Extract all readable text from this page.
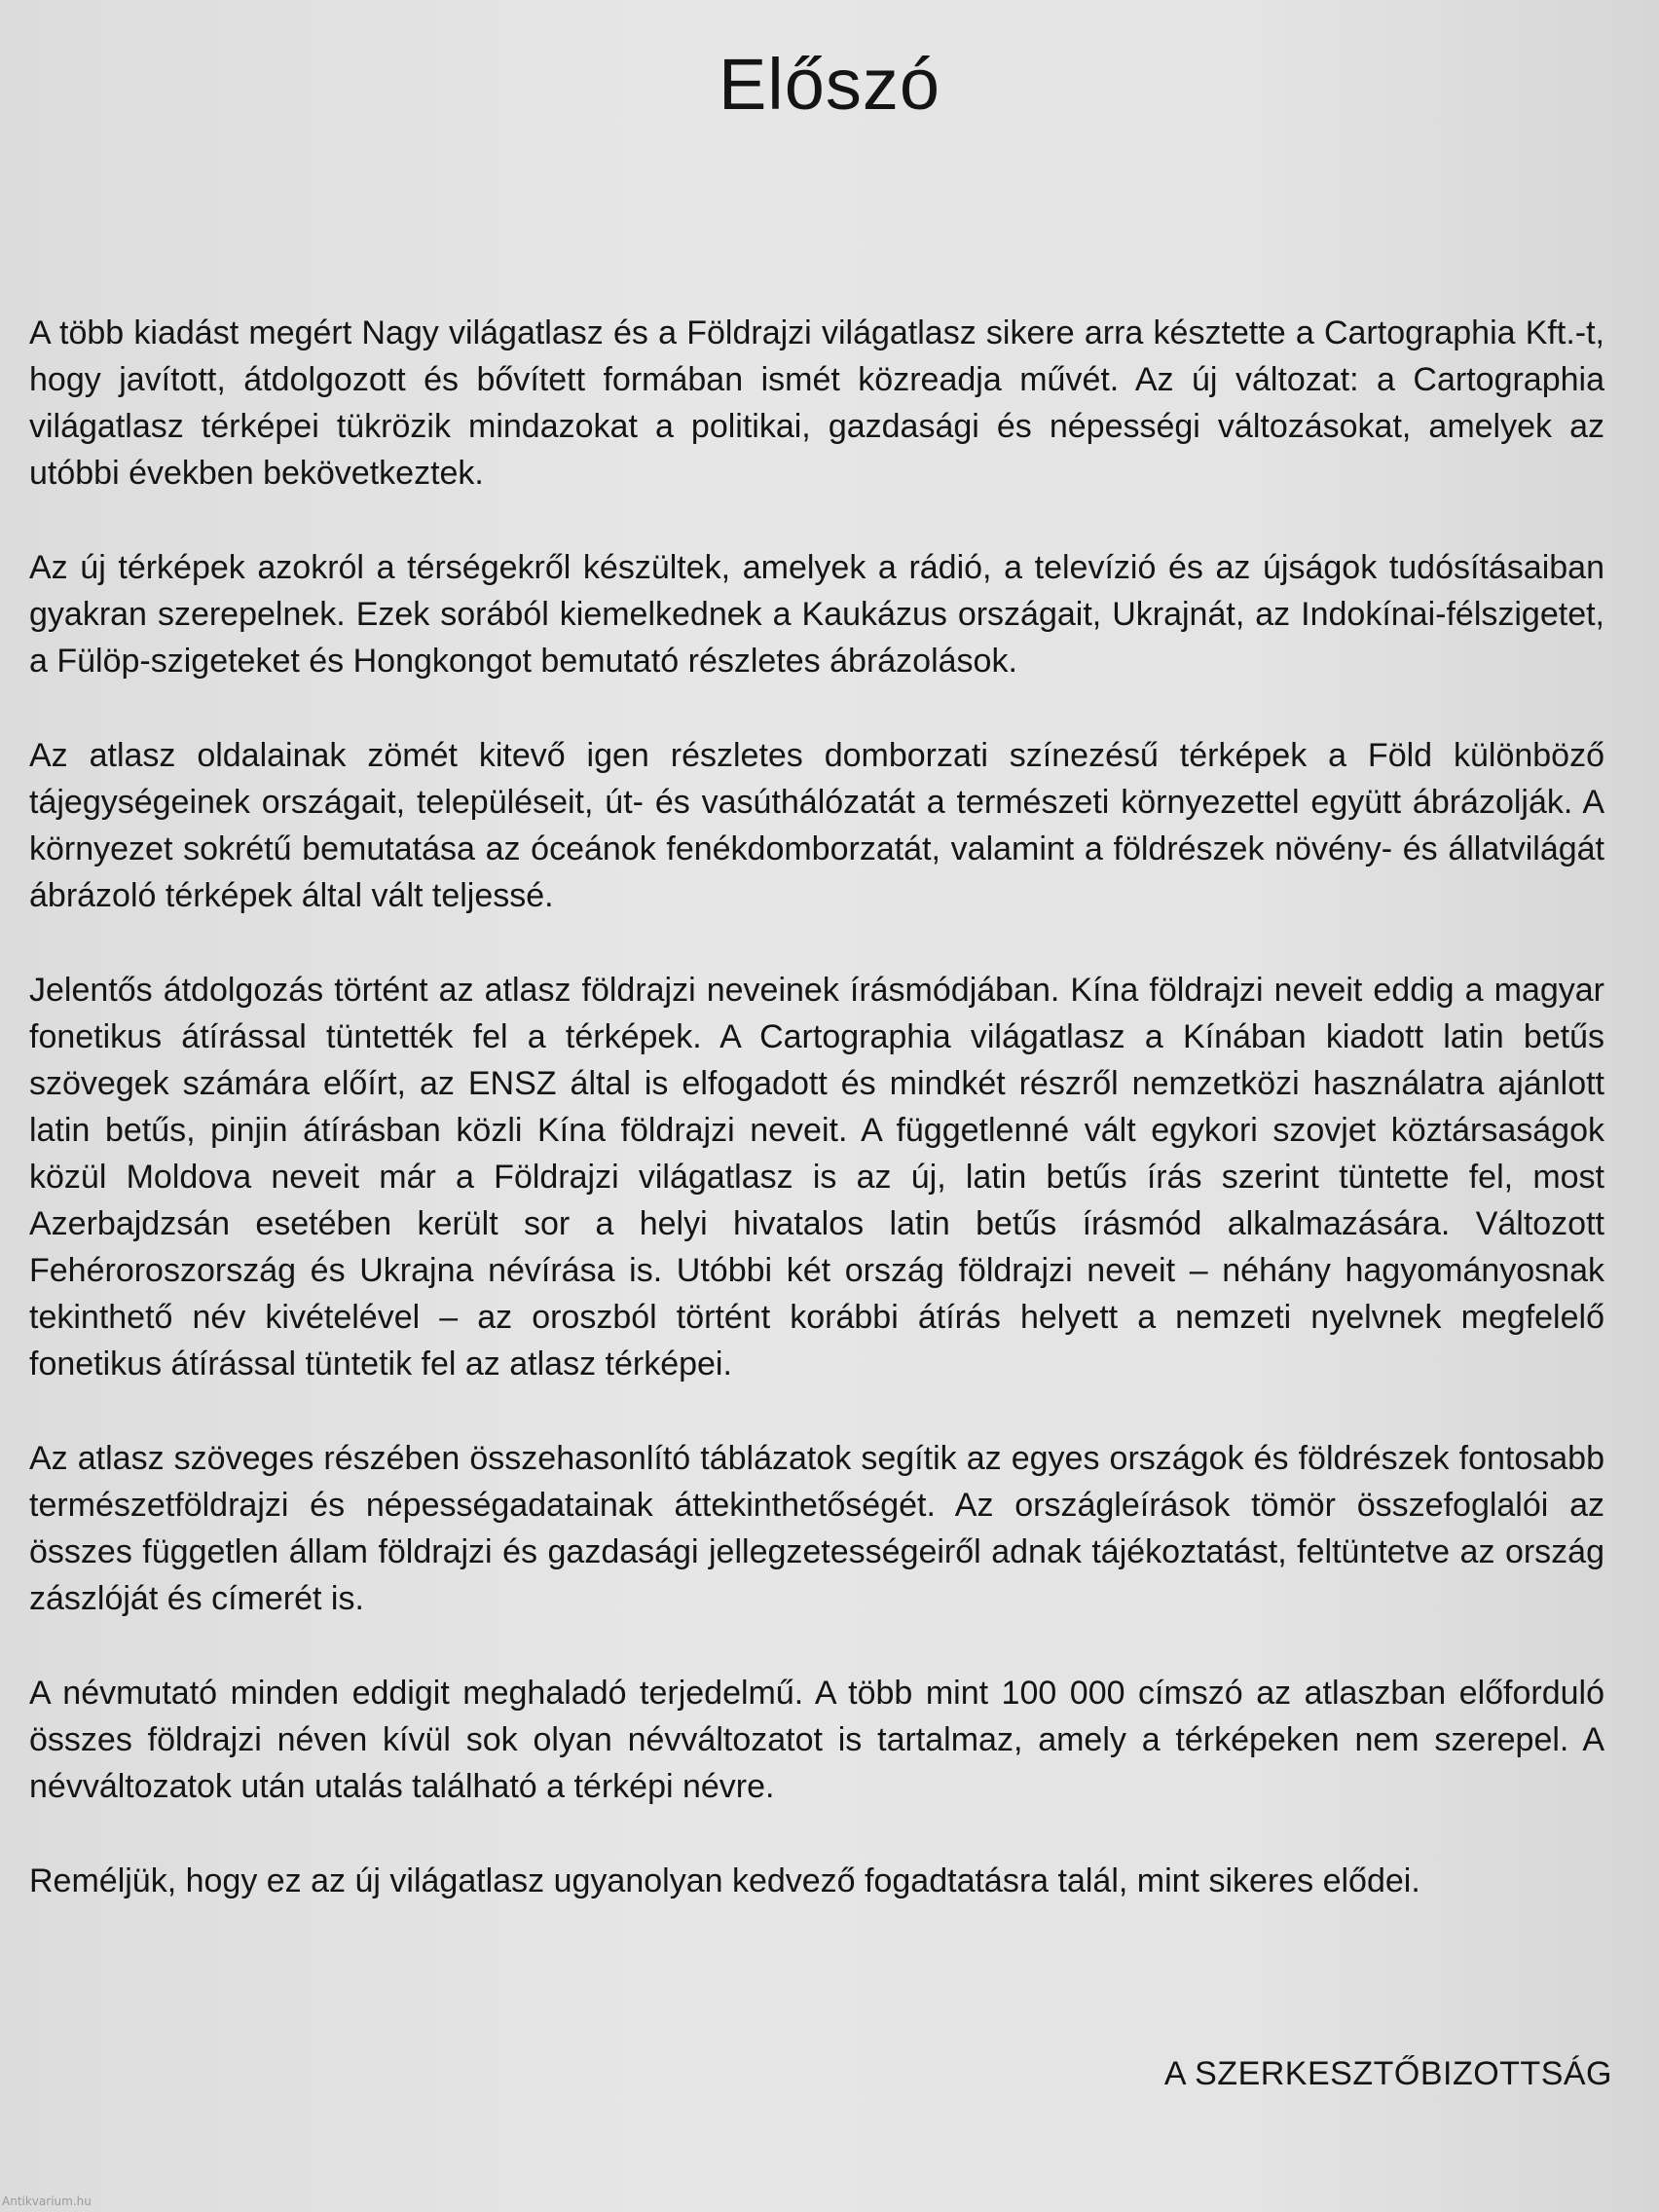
Előszó

A több kiadást megért Nagy világatlasz és a Földrajzi világatlasz sikere arra késztette a Cartographia Kft.-t, hogy javított, átdolgozott és bővített formában ismét közreadja művét. Az új változat: a Cartographia világatlasz térképei tükrözik mindazokat a politikai, gazdasági és népességi változásokat, amelyek az utóbbi években bekövetkeztek.

Az új térképek azokról a térségekről készültek, amelyek a rádió, a televízió és az újságok tudósításaiban gyakran szerepelnek. Ezek sorából kiemelkednek a Kaukázus országait, Ukrajnát, az Indokínai-félszigetet, a Fülöp-szigeteket és Hongkongot bemutató részletes ábrázolások.

Az atlasz oldalainak zömét kitevő igen részletes domborzati színezésű térképek a Föld különböző tájegységeinek országait, településeit, út- és vasúthálózatát a természeti környezettel együtt ábrázolják. A környezet sokrétű bemutatása az óceánok fenékdomborzatát, valamint a földrészek növény- és állatvilágát ábrázoló térképek által vált teljessé.

Jelentős átdolgozás történt az atlasz földrajzi neveinek írásmódjában. Kína földrajzi neveit eddig a magyar fonetikus átírással tüntették fel a térképek. A Cartographia világatlasz a Kínában kiadott latin betűs szövegek számára előírt, az ENSZ által is elfogadott és mindkét részről nemzetközi használatra ajánlott latin betűs, pinjin átírásban közli Kína földrajzi neveit. A függetlenné vált egykori szovjet köztársaságok közül Moldova neveit már a Földrajzi világatlasz is az új, latin betűs írás szerint tüntette fel, most Azerbajdzsán esetében került sor a helyi hivatalos latin betűs írásmód alkalmazására. Változott Fehéroroszország és Ukrajna névírása is. Utóbbi két ország földrajzi neveit – néhány hagyományosnak tekinthető név kivételével – az oroszból történt korábbi átírás helyett a nemzeti nyelvnek megfelelő fonetikus átírással tüntetik fel az atlasz térképei.

Az atlasz szöveges részében összehasonlító táblázatok segítik az egyes országok és földrészek fontosabb természetföldrajzi és népességadatainak áttekinthetőségét. Az országleírások tömör összefoglalói az összes független állam földrajzi és gazdasági jellegzetességeiről adnak tájékoztatást, feltüntetve az ország zászlóját és címerét is.

A névmutató minden eddigit meghaladó terjedelmű. A több mint 100 000 címszó az atlaszban előforduló összes földrajzi néven kívül sok olyan névváltozatot is tartalmaz, amely a térképeken nem szerepel. A névváltozatok után utalás található a térképi névre.

Reméljük, hogy ez az új világatlasz ugyanolyan kedvező fogadtatásra talál, mint sikeres elődei.

A SZERKESZTŐBIZOTTSÁG

Antikvarium.hu
